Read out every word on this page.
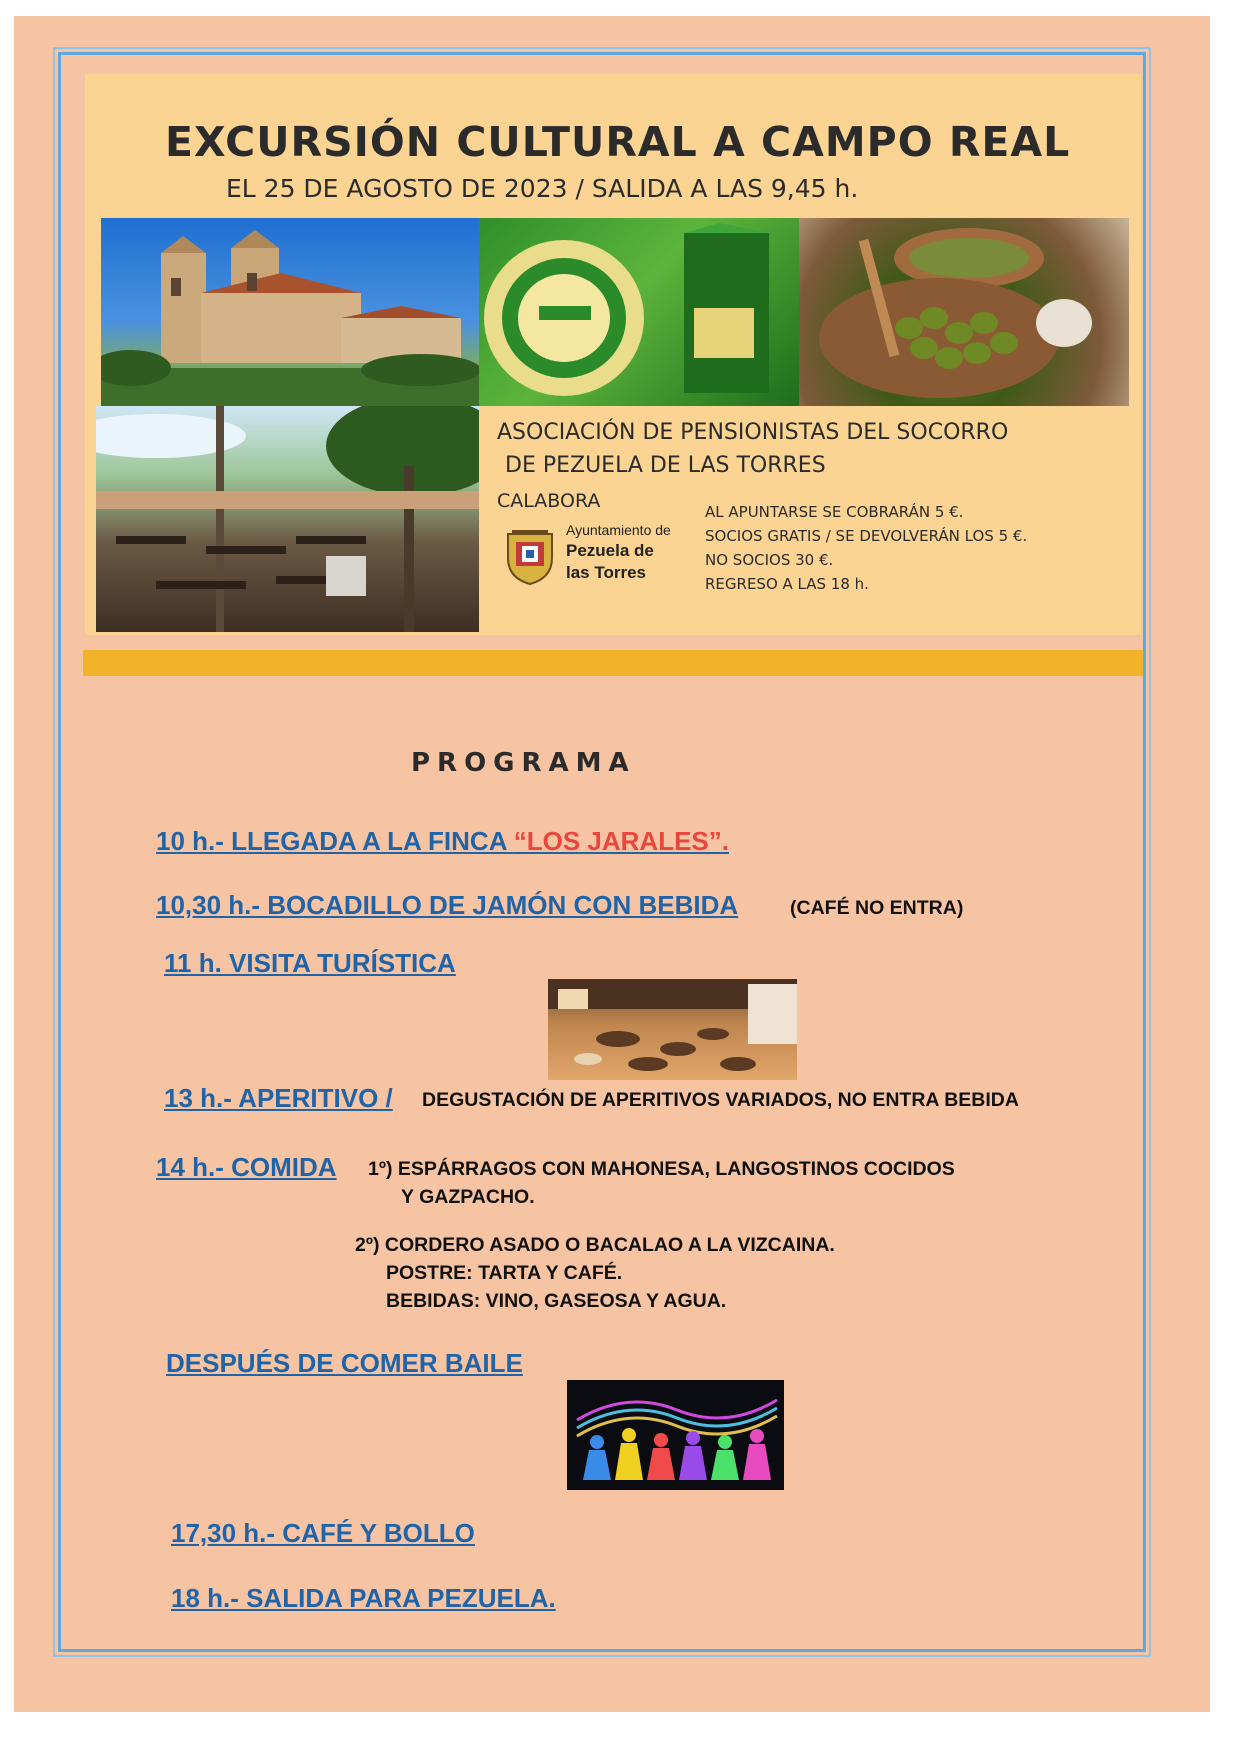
EXCURSIÓN CULTURAL A CAMPO REAL
EL 25 DE AGOSTO DE 2023 / SALIDA A LAS 9,45 h.
ASOCIACIÓN DE PENSIONISTAS DEL SOCORRO
DE PEZUELA DE LAS TORRES
CALABORA
Ayuntamiento de
Pezuela de
las Torres
AL APUNTARSE SE COBRARÁN 5 €.
SOCIOS GRATIS / SE DEVOLVERÁN LOS 5 €.
NO SOCIOS 30 €.
REGRESO A LAS 18 h.
PROGRAMA
10 h.- LLEGADA A LA FINCA “LOS JARALES”.
10,30 h.- BOCADILLO DE JAMÓN CON BEBIDA	(CAFÉ NO ENTRA)
11 h. VISITA TURÍSTICA
13 h.- APERITIVO / DEGUSTACIÓN DE APERITIVOS VARIADOS, NO ENTRA BEBIDA
14 h.- COMIDA 1º) ESPÁRRAGOS CON MAHONESA, LANGOSTINOS COCIDOS
Y GAZPACHO.
2º) CORDERO ASADO O BACALAO A LA VIZCAINA.
POSTRE: TARTA Y CAFÉ.
BEBIDAS: VINO, GASEOSA Y AGUA.
DESPUÉS DE COMER BAILE
17,30 h.- CAFÉ Y BOLLO
18 h.- SALIDA PARA PEZUELA.
